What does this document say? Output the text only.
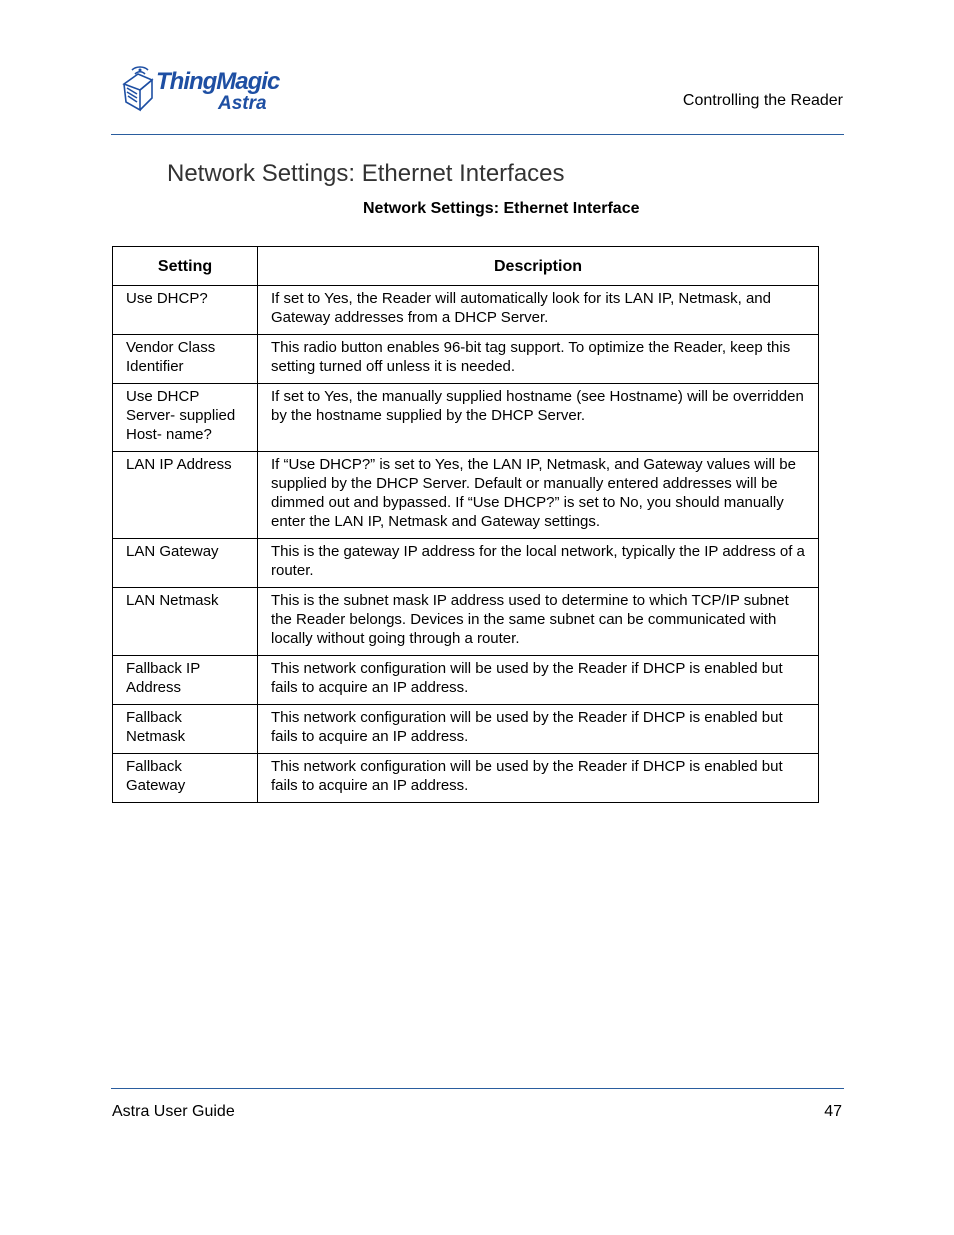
ThingMagic
Astra	Controlling the Reader
Network Settings: Ethernet Interfaces
Network Settings: Ethernet Interface
Setting	Description
Use DHCP?	If set to Yes, the Reader will automatically look for its LAN IP, Netmask, and Gateway addresses from a DHCP Server.
Vendor Class Identifier	This radio button enables 96-bit tag support. To optimize the Reader, keep this setting turned off unless it is needed.
Use DHCP Server- supplied Host- name?	If set to Yes, the manually supplied hostname (see Hostname) will be overridden by the hostname supplied by the DHCP Server.
LAN IP Address	If “Use DHCP?” is set to Yes, the LAN IP, Netmask, and Gateway values will be supplied by the DHCP Server. Default or manually entered addresses will be dimmed out and bypassed. If “Use DHCP?” is set to No, you should manually enter the LAN IP, Netmask and Gateway settings.
LAN Gateway	This is the gateway IP address for the local network, typically the IP address of a router.
LAN Netmask	This is the subnet mask IP address used to determine to which TCP/IP subnet the Reader belongs. Devices in the same subnet can be communicated with locally without going through a router.
Fallback IP Address	This network configuration will be used by the Reader if DHCP is enabled but fails to acquire an IP address.
Fallback Netmask	This network configuration will be used by the Reader if DHCP is enabled but fails to acquire an IP address.
Fallback Gateway	This network configuration will be used by the Reader if DHCP is enabled but fails to acquire an IP address.
Astra User Guide	47
